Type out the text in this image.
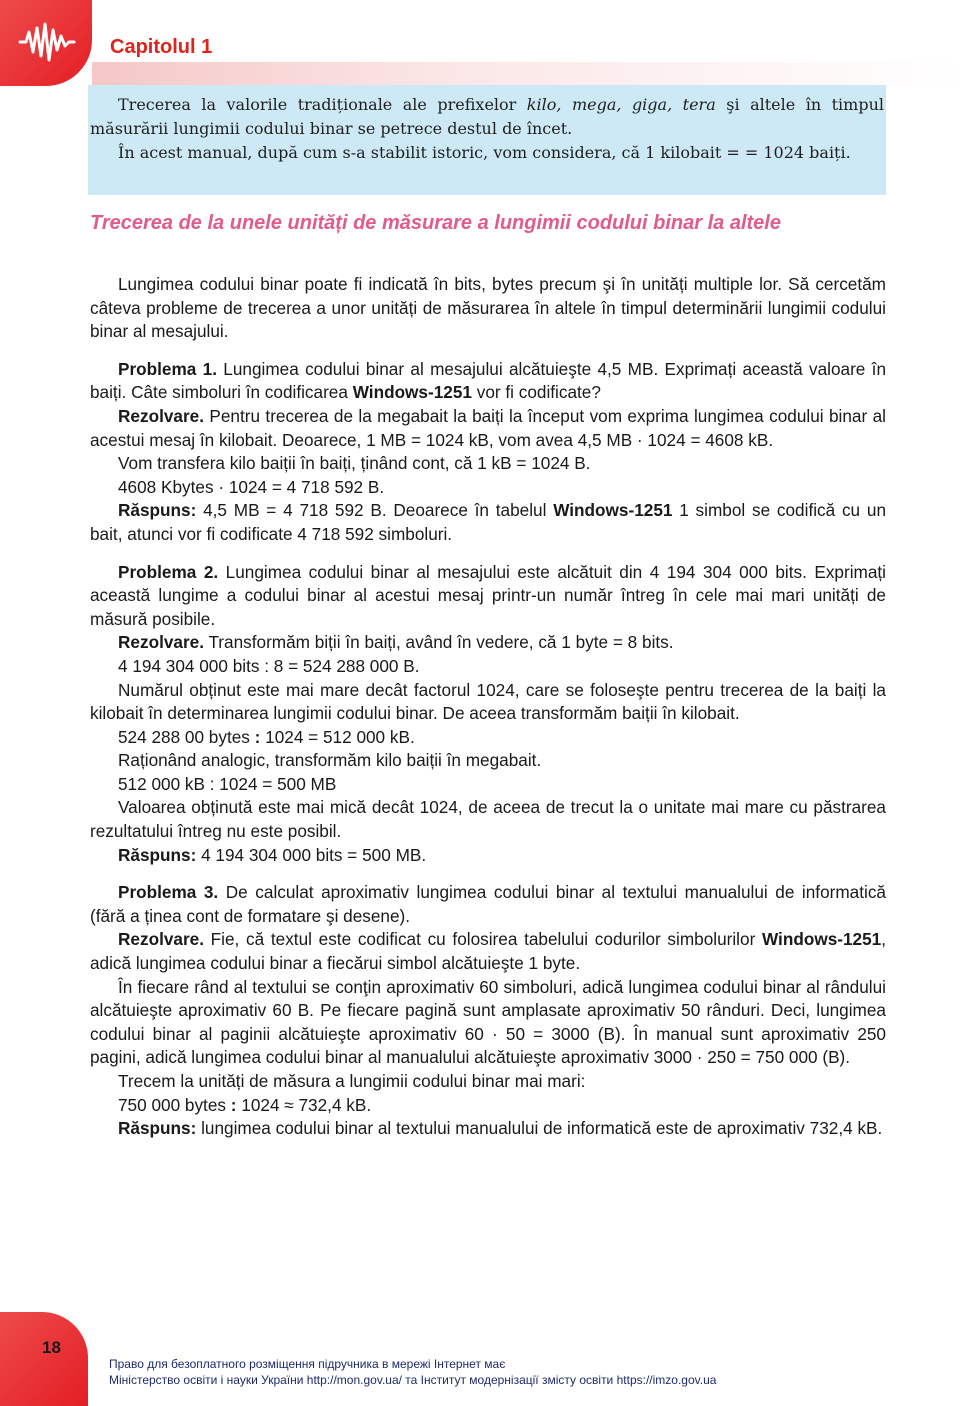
Capitolul 1

Trecerea la valorile tradiționale ale prefixelor kilo, mega, giga, tera şi altele în timpul măsurării lungimii codului binar se petrece destul de încet.

În acest manual, după cum s-a stabilit istoric, vom considera, că 1 kilobait = = 1024 baiți.

Trecerea de la unele unități de măsurare a lungimii codului binar la altele

Lungimea codului binar poate fi indicată în bits, bytes precum şi în unități multiple lor. Să cercetăm câteva probleme de trecerea a unor unități de măsurarea în altele în timpul determinării lungimii codului binar al mesajului.

Problema 1. Lungimea codului binar al mesajului alcătuieşte 4,5 MB. Exprimați această valoare în baiți. Câte simboluri în codificarea Windows-1251 vor fi codificate?

Rezolvare. Pentru trecerea de la megabait la baiți la început vom exprima lungimea codului binar al acestui mesaj în kilobait. Deoarece, 1 MB = 1024 kB, vom avea 4,5 MB · 1024 = 4608 kB.

Vom transfera kilo baiții în baiți, ținând cont, că 1 kB = 1024 B.

4608 Kbytes · 1024 = 4 718 592 B.

Răspuns: 4,5 MB = 4 718 592 B. Deoarece în tabelul Windows-1251 1 simbol se codifică cu un bait, atunci vor fi codificate 4 718 592 simboluri.

Problema 2. Lungimea codului binar al mesajului este alcătuit din 4 194 304 000 bits. Exprimați această lungime a codului binar al acestui mesaj printr-un număr întreg în cele mai mari unități de măsură posibile.

Rezolvare. Transformăm biții în baiți, având în vedere, că 1 byte = 8 bits.

4 194 304 000 bits : 8 = 524 288 000 B.

Numărul obținut este mai mare decât factorul 1024, care se foloseşte pentru trecerea de la baiți la kilobait în determinarea lungimii codului binar. De aceea transformăm baiții în kilobait.

524 288 00 bytes : 1024 = 512 000 kB.

Raționând analogic, transformăm kilo baiții în megabait.

512 000 kB : 1024 = 500 MB

Valoarea obținută este mai mică decât 1024, de aceea de trecut la o unitate mai mare cu păstrarea rezultatului întreg nu este posibil.

Răspuns: 4 194 304 000 bits = 500 MB.

Problema 3. De calculat aproximativ lungimea codului binar al textului manualului de informatică (fără a ținea cont de formatare şi desene).

Rezolvare. Fie, că textul este codificat cu folosirea tabelului codurilor simbolurilor Windows-1251, adică lungimea codului binar a fiecărui simbol alcătuieşte 1 byte.

În fiecare rând al textului se conţin aproximativ 60 simboluri, adică lungimea codului binar al rândului alcătuieşte aproximativ 60 B. Pe fiecare pagină sunt amplasate aproximativ 50 rânduri. Deci, lungimea codului binar al paginii alcătuieşte aproximativ 60 · 50 = 3000 (B). În manual sunt aproximativ 250 pagini, adică lungimea codului binar al manualului alcătuieşte aproximativ 3000 · 250 = 750 000 (B).

Trecem la unități de măsura a lungimii codului binar mai mari:

750 000 bytes : 1024 ≈ 732,4 kB.

Răspuns: lungimea codului binar al textului manualului de informatică este de aproximativ 732,4 kB.

18
Право для безоплатного розміщення підручника в мережі Інтернет має
Міністерство освіти і науки України http://mon.gov.ua/ та Інститут модернізації змісту освіти https://imzo.gov.ua
